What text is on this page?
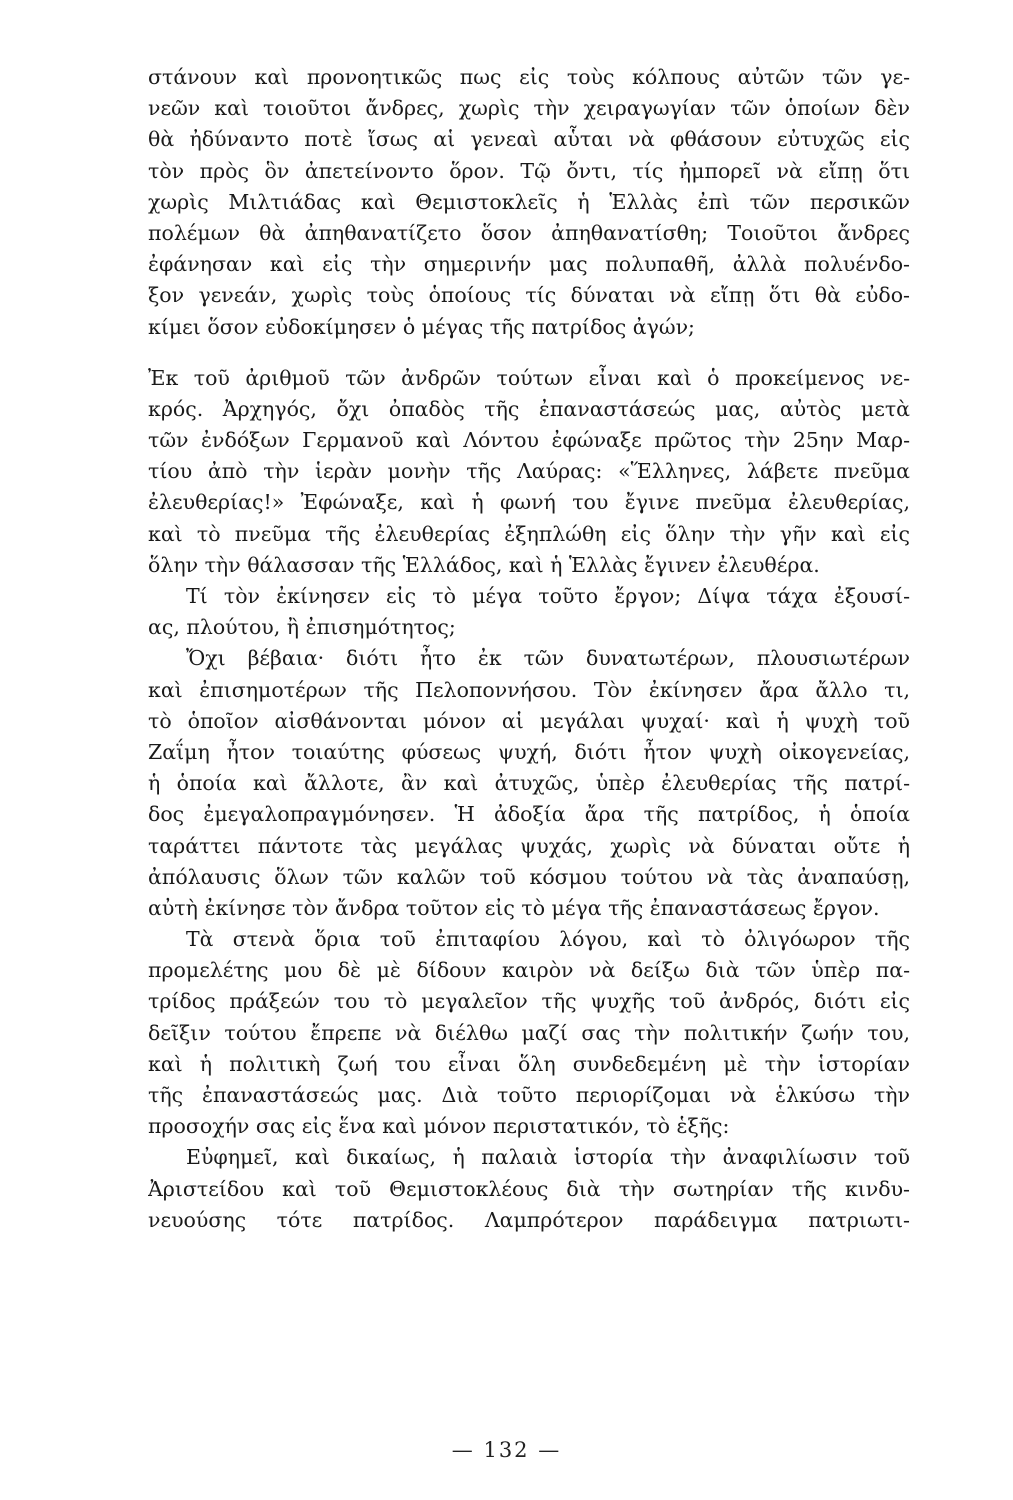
στάνουν καὶ προνοητικῶς πως εἰς τοὺς κόλπους αὐτῶν τῶν γε-
νεῶν καὶ τοιοῦτοι ἄνδρες, χωρὶς τὴν χειραγωγίαν τῶν ὁποίων δὲν
θὰ ἠδύναντο ποτὲ ἴσως αἱ γενεαὶ αὗται νὰ φθάσουν εὐτυχῶς εἰς
τὸν πρὸς ὃν ἀπετείνοντο ὅρον. Τῷ ὄντι, τίς ἠμπορεῖ νὰ εἴπῃ ὅτι
χωρὶς Μιλτιάδας καὶ Θεμιστοκλεῖς ἡ Ἑλλὰς ἐπὶ τῶν περσικῶν
πολέμων θὰ ἀπηθανατίζετο ὅσον ἀπηθανατίσθη; Τοιοῦτοι ἄνδρες
ἐφάνησαν καὶ εἰς τὴν σημερινήν μας πολυπαθῆ, ἀλλὰ πολυένδο-
ξον γενεάν, χωρὶς τοὺς ὁποίους τίς δύναται νὰ εἴπῃ ὅτι θὰ εὐδο-
κίμει ὅσον εὐδοκίμησεν ὁ μέγας τῆς πατρίδος ἀγών;
Ἐκ τοῦ ἀριθμοῦ τῶν ἀνδρῶν τούτων εἶναι καὶ ὁ προκείμενος νε-
κρός. Ἀρχηγός, ὄχι ὀπαδὸς τῆς ἐπαναστάσεώς μας, αὐτὸς μετὰ
τῶν ἐνδόξων Γερμανοῦ καὶ Λόντου ἐφώναξε πρῶτος τὴν 25ην Μαρ-
τίου ἀπὸ τὴν ἱερὰν μονὴν τῆς Λαύρας: «Ἕλληνες, λάβετε πνεῦμα
ἐλευθερίας!» Ἐφώναξε, καὶ ἡ φωνή του ἔγινε πνεῦμα ἐλευθερίας,
καὶ τὸ πνεῦμα τῆς ἐλευθερίας ἐξηπλώθη εἰς ὅλην τὴν γῆν καὶ εἰς
ὅλην τὴν θάλασσαν τῆς Ἑλλάδος, καὶ ἡ Ἑλλὰς ἔγινεν ἐλευθέρα.
Τί τὸν ἐκίνησεν εἰς τὸ μέγα τοῦτο ἔργον; Δίψα τάχα ἐξουσί-
ας, πλούτου, ἢ ἐπισημότητος;
Ὄχι βέβαια· διότι ἦτο ἐκ τῶν δυνατωτέρων, πλουσιωτέρων
καὶ ἐπισημοτέρων τῆς Πελοποννήσου. Τὸν ἐκίνησεν ἄρα ἄλλο τι,
τὸ ὁποῖον αἰσθάνονται μόνον αἱ μεγάλαι ψυχαί· καὶ ἡ ψυχὴ τοῦ
Ζαΐμη ἦτον τοιαύτης φύσεως ψυχή, διότι ἦτον ψυχὴ οἰκογενείας,
ἡ ὁποία καὶ ἄλλοτε, ἂν καὶ ἀτυχῶς, ὑπὲρ ἐλευθερίας τῆς πατρί-
δος ἐμεγαλοπραγμόνησεν. Ἡ ἀδοξία ἄρα τῆς πατρίδος, ἡ ὁποία
ταράττει πάντοτε τὰς μεγάλας ψυχάς, χωρὶς νὰ δύναται οὔτε ἡ
ἀπόλαυσις ὅλων τῶν καλῶν τοῦ κόσμου τούτου νὰ τὰς ἀναπαύσῃ,
αὐτὴ ἐκίνησε τὸν ἄνδρα τοῦτον εἰς τὸ μέγα τῆς ἐπαναστάσεως ἔργον.
Τὰ στενὰ ὅρια τοῦ ἐπιταφίου λόγου, καὶ τὸ ὀλιγόωρον τῆς
προμελέτης μου δὲ μὲ δίδουν καιρὸν νὰ δείξω διὰ τῶν ὑπὲρ πα-
τρίδος πράξεών του τὸ μεγαλεῖον τῆς ψυχῆς τοῦ ἀνδρός, διότι εἰς
δεῖξιν τούτου ἔπρεπε νὰ διέλθω μαζί σας τὴν πολιτικήν ζωήν του,
καὶ ἡ πολιτικὴ ζωή του εἶναι ὅλη συνδεδεμένη μὲ τὴν ἱστορίαν
τῆς ἐπαναστάσεώς μας. Διὰ τοῦτο περιορίζομαι νὰ ἑλκύσω τὴν
προσοχήν σας εἰς ἕνα καὶ μόνον περιστατικόν, τὸ ἑξῆς:
Εὐφημεῖ, καὶ δικαίως, ἡ παλαιὰ ἱστορία τὴν ἀναφιλίωσιν τοῦ
Ἀριστείδου καὶ τοῦ Θεμιστοκλέους διὰ τὴν σωτηρίαν τῆς κινδυ-
νευούσης τότε πατρίδος. Λαμπρότερον παράδειγμα πατριωτι-
— 132 —
